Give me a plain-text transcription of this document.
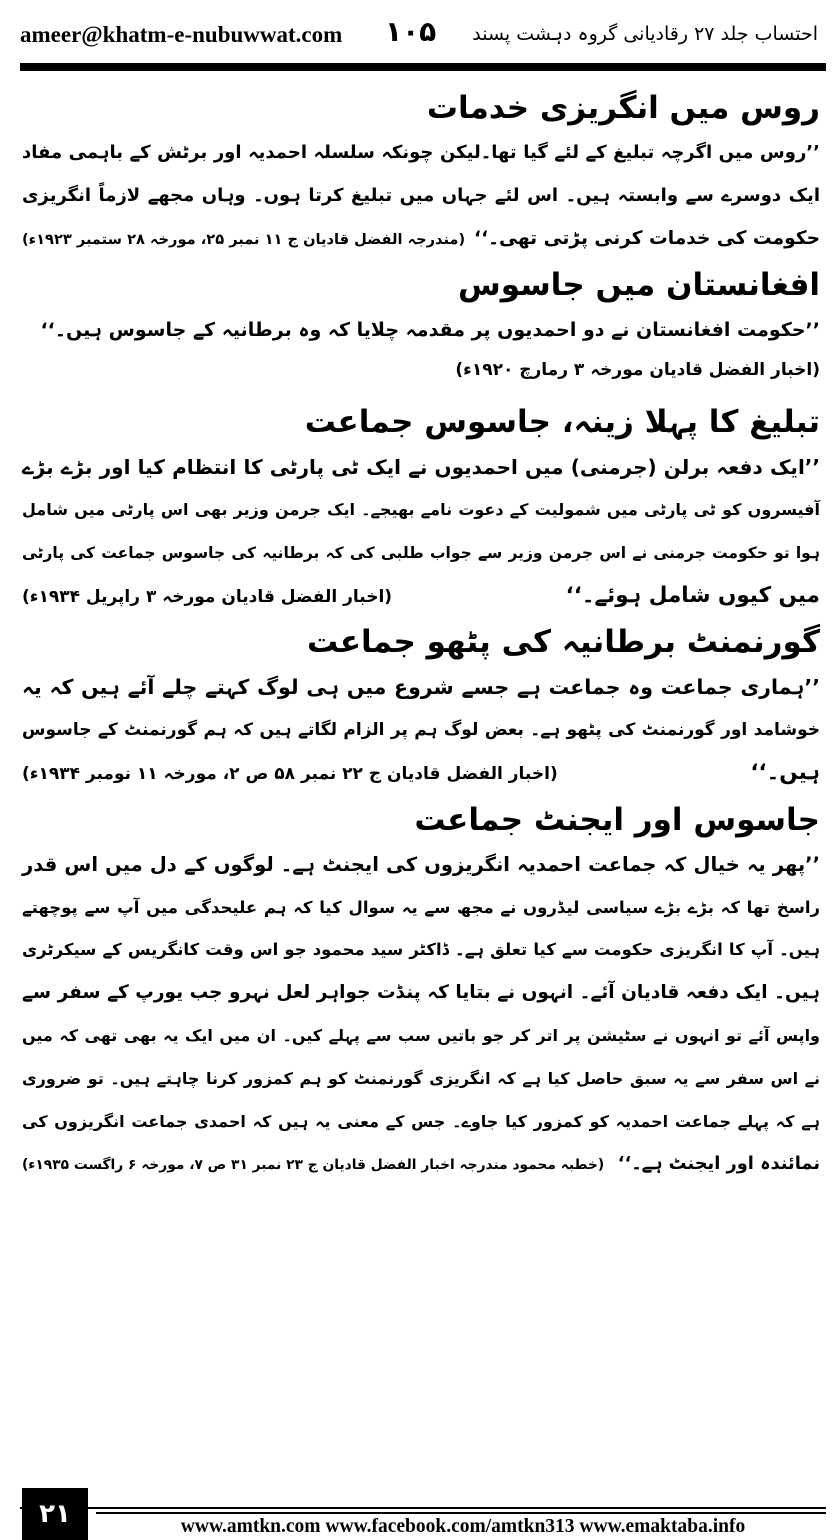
ameer@khatm-e-nubuwwat.com ۱۰۵	احتساب جلد ۲۷ رقادیانی گروہ دہشت پسند
روس میں انگریزی خدمات
’’روس میں اگرچہ تبلیغ کے لئے گیا تھا۔لیکن چونکہ سلسلہ احمدیہ اور برٹش کے باہمی مفاد
ایک دوسرے سے وابستہ ہیں۔ اس لئے جہاں میں تبلیغ کرتا ہوں۔ وہاں مجھے لازماً انگریزی
حکومت کی خدمات کرنی پڑتی تھی۔‘‘
(مندرجہ الفضل قادیان ج ۱۱ نمبر ۲۵، مورخہ ۲۸ ستمبر ۱۹۲۳ء)
افغانستان میں جاسوس
’’حکومت افغانستان نے دو احمدیوں پر مقدمہ چلایا کہ وہ برطانیہ کے جاسوس ہیں۔‘‘
(اخبار الفضل قادیان مورخہ ۳ رمارچ ۱۹۲۰ء)
تبلیغ کا پہلا زینہ، جاسوس جماعت
’’ایک دفعہ برلن (جرمنی) میں احمدیوں نے ایک ٹی پارٹی کا انتظام کیا اور بڑے بڑے
آفیسروں کو ٹی پارٹی میں شمولیت کے دعوت نامے بھیجے۔ ایک جرمن وزیر بھی اس پارٹی میں شامل
ہوا تو حکومت جرمنی نے اس جرمن وزیر سے جواب طلبی کی کہ برطانیہ کی جاسوس جماعت کی پارٹی
میں کیوں شامل ہوئے۔‘‘
(اخبار الفضل قادیان مورخہ ۳ راپریل ۱۹۳۴ء)
گورنمنٹ برطانیہ کی پٹھو جماعت
’’ہماری جماعت وہ جماعت ہے جسے شروع میں ہی لوگ کہتے چلے آئے ہیں کہ یہ
خوشامد اور گورنمنٹ کی پٹھو ہے۔ بعض لوگ ہم پر الزام لگاتے ہیں کہ ہم گورنمنٹ کے جاسوس
ہیں۔‘‘
(اخبار الفضل قادیان ج ۲۲ نمبر ۵۸ ص ۲، مورخہ ۱۱ نومبر ۱۹۳۴ء)
جاسوس اور ایجنٹ جماعت
’’پھر یہ خیال کہ جماعت احمدیہ انگریزوں کی ایجنٹ ہے۔ لوگوں کے دل میں اس قدر
راسخ تھا کہ بڑے بڑے سیاسی لیڈروں نے مجھ سے یہ سوال کیا کہ ہم علیحدگی میں آپ سے پوچھتے
ہیں۔ آپ کا انگریزی حکومت سے کیا تعلق ہے۔ ڈاکٹر سید محمود جو اس وقت کانگریس کے سیکرٹری
ہیں۔ ایک دفعہ قادیان آئے۔ انہوں نے بتایا کہ پنڈت جواہر لعل نہرو جب یورپ کے سفر سے
واپس آئے تو انہوں نے سٹیشن پر اتر کر جو باتیں سب سے پہلے کیں۔ ان میں ایک یہ بھی تھی کہ میں
نے اس سفر سے یہ سبق حاصل کیا ہے کہ انگریزی گورنمنٹ کو ہم کمزور کرنا چاہتے ہیں۔ تو ضروری
ہے کہ پہلے جماعت احمدیہ کو کمزور کیا جاوے۔ جس کے معنی یہ ہیں کہ احمدی جماعت انگریزوں کی
نمائندہ اور ایجنٹ ہے۔‘‘
(خطبہ محمود مندرجہ اخبار الفضل قادیان ج ۲۳ نمبر ۳۱ ص ۷، مورخہ ۶ راگست ۱۹۳۵ء)
۲۱	www.amtkn.com www.facebook.com/amtkn313 www.emaktaba.info
